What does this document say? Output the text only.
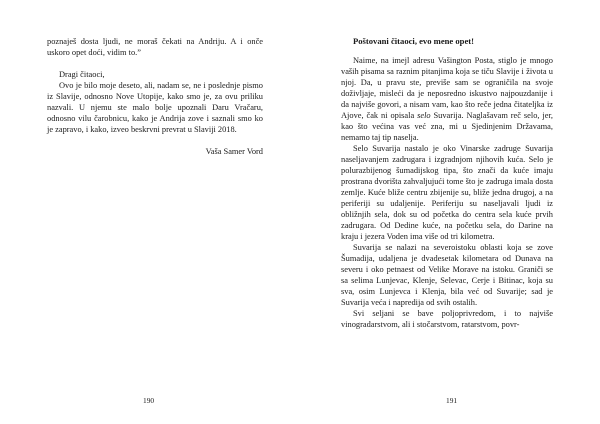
poznaješ dosta ljudi, ne moraš čekati na Andriju. A i onče uskoro opet doći, vidim to.”

Dragi čitaoci,

Ovo je bilo moje deseto, ali, nadam se, ne i poslednje pismo iz Slavije, odnosno Nove Utopije, kako smo je, za ovu priliku nazvali. U njemu ste malo bolje upoznali Daru Vračaru, odnosno vilu čarobnicu, kako je Andrija zove i saznali smo ko je zapravo, i kako, izveo beskrvni prevrat u Slaviji 2018.

Vaša Samer Vord

190

Poštovani čitaoci, evo mene opet!

Naime, na imejl adresu Vašington Posta, stiglo je mnogo vaših pisama sa raznim pitanjima koja se tiču Slavije i života u njoj. Da, u pravu ste, previše sam se ograničila na svoje doživljaje, misleći da je neposredno iskustvo najpouzdanije i da najviše govori, a nisam vam, kao što reče jedna čitateljka iz Ajove, čak ni opisala selo Suvarija. Naglašavam reč selo, jer, kao što većina vas već zna, mi u Sjedinjenim Državama, nemamo taj tip naselja.

Selo Suvarija nastalo je oko Vinarske zadruge Suvarija naseljavanjem zadrugara i izgradnjom njihovih kuća. Selo je polurazbijenog šumadijskog tipa, što znači da kuće imaju prostrana dvorišta zahvaljujući tome što je zadruga imala dosta zemlje. Kuće bliže centru zbijenije su, bliže jedna drugoj, a na periferiji su udaljenije. Periferiju su naseljavali ljudi iz obližnjih sela, dok su od početka do centra sela kuće prvih zadrugara. Od Dedine kuće, na početku sela, do Darine na kraju i jezera Voden ima više od tri kilometra.

Suvarija se nalazi na severoistoku oblasti koja se zove Šumadija, udaljena je dvadesetak kilometara od Dunava na severu i oko petnaest od Velike Morave na istoku. Graniči se sa selima Lunjevac, Klenje, Selevac, Cerje i Bitinac, koja su sva, osim Lunjevca i Klenja, bila već od Suvarije; sad je Suvarija veća i napredija od svih ostalih.

Svi seljani se bave poljoprivredom, i to najviše vinogradarstvom, ali i stočarstvom, ratarstvom, povr-

191
